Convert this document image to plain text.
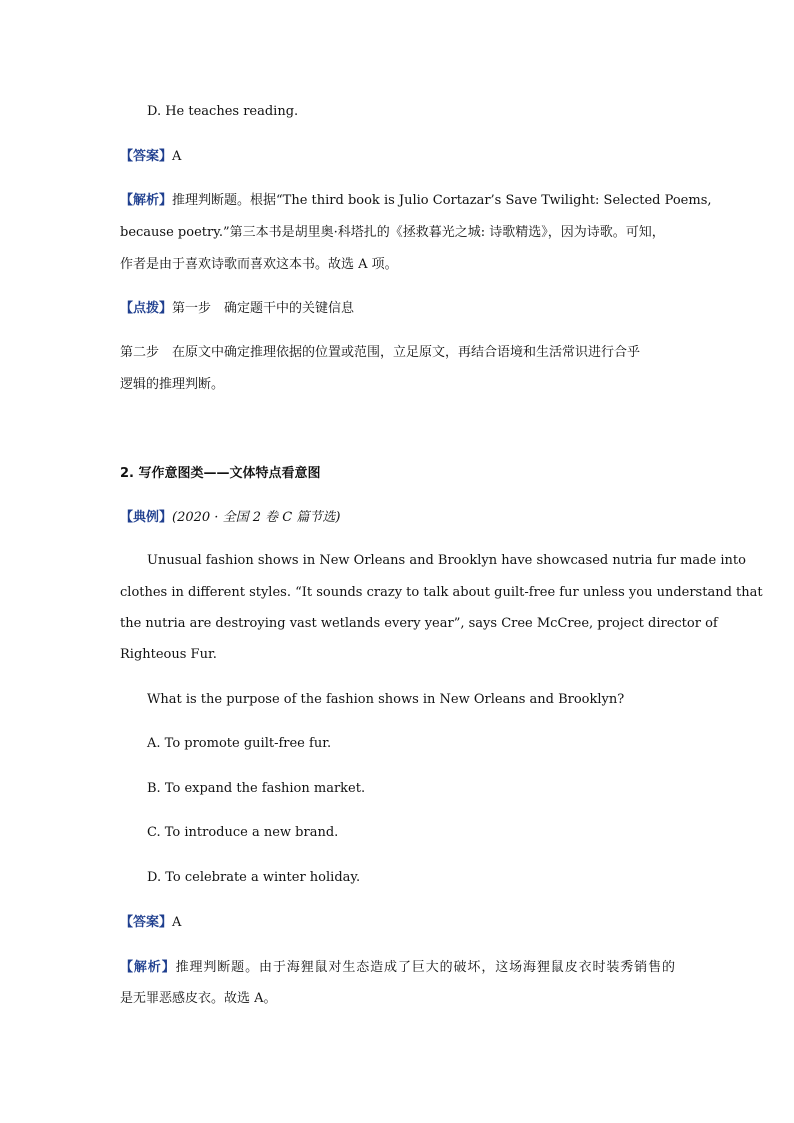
D. He teaches reading.
【答案】A
【解析】推理判断题。根据“The third book is Julio Cortazar’s Save Twilight: Selected Poems,
because poetry.”第三本书是胡里奥·科塔扎的《拯救暮光之城: 诗歌精选》，因为诗歌。可知，
作者是由于喜欢诗歌而喜欢这本书。故选 A 项。
【点拨】第一步　确定题干中的关键信息
第二步　在原文中确定推理依据的位置或范围，立足原文，再结合语境和生活常识进行合乎
逻辑的推理判断。
2. 写作意图类——文体特点看意图
【典例】(2020 · 全国 2 卷 C 篇节选)
Unusual fashion shows in New Orleans and Brooklyn have showcased nutria fur made into
clothes in different styles. “It sounds crazy to talk about guilt-free fur unless you understand that
the nutria are destroying vast wetlands every year”, says Cree McCree, project director of
Righteous Fur.
What is the purpose of the fashion shows in New Orleans and Brooklyn?
A. To promote guilt-free fur.
B. To expand the fashion market.
C. To introduce a new brand.
D. To celebrate a winter holiday.
【答案】A
【解析】推理判断题。由于海狸鼠对生态造成了巨大的破坏，这场海狸鼠皮衣时装秀销售的
是无罪恶感皮衣。故选 A。
